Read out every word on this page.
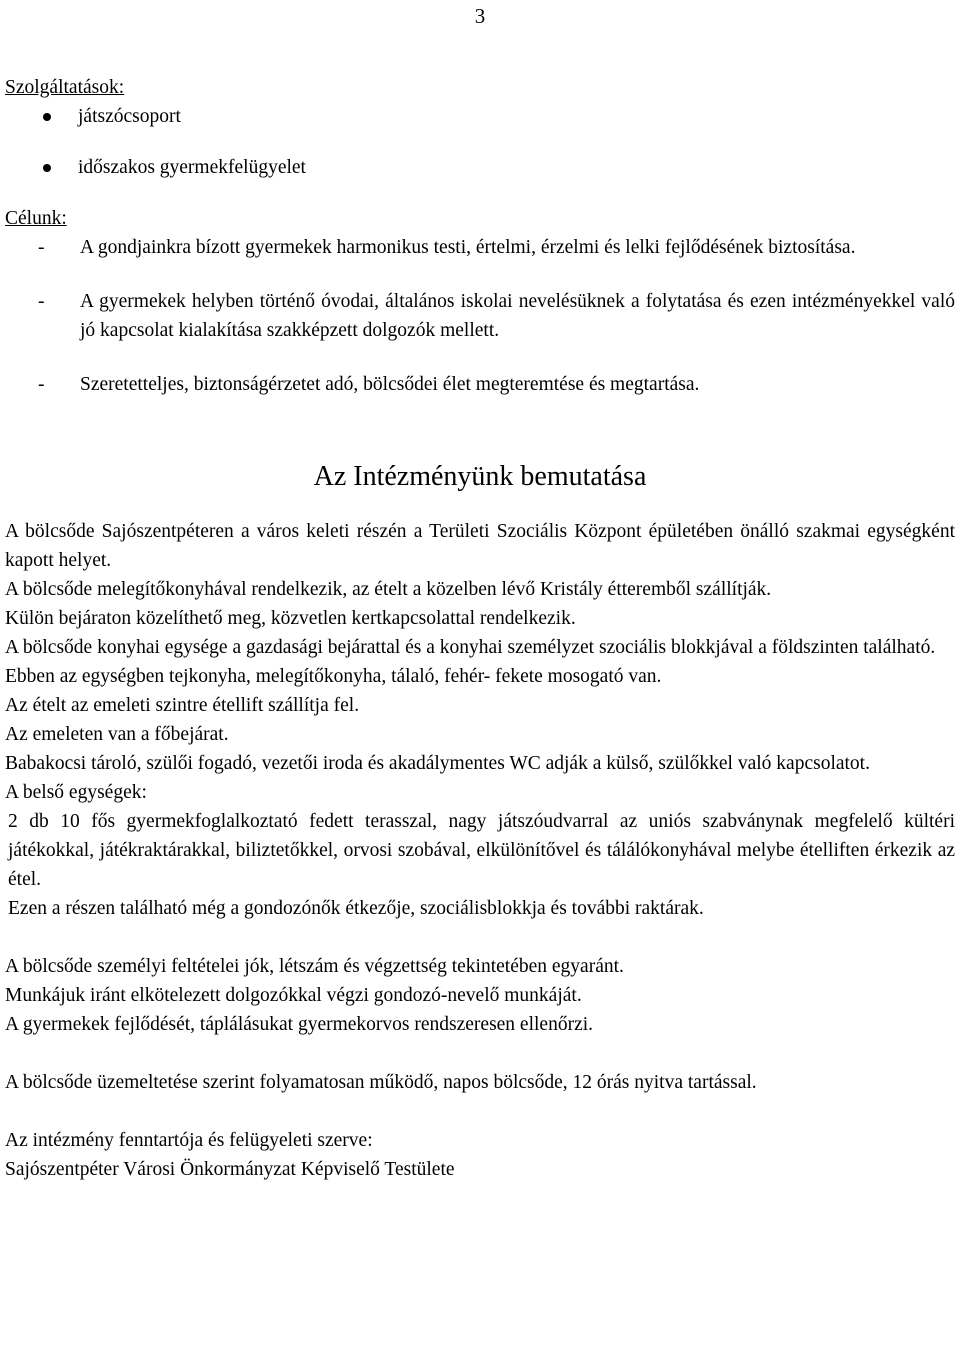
3

Szolgáltatások:

játszócsoport
időszakos gyermekfelügyelet

Célunk:

- A gondjainkra bízott gyermekek harmonikus testi, értelmi, érzelmi és lelki fejlődésének biztosítása.
- A gyermekek helyben történő óvodai, általános iskolai nevelésüknek a folytatása és ezen intézményekkel való jó kapcsolat kialakítása szakképzett dolgozók mellett.
- Szeretetteljes, biztonságérzetet adó, bölcsődei élet megteremtése és megtartása.
Az Intézményünk bemutatása

A bölcsőde Sajószentpéteren a város keleti részén a Területi Szociális Központ épületében önálló szakmai egységként kapott helyet.

A bölcsőde melegítőkonyhával rendelkezik, az ételt a közelben lévő Kristály étteremből szállítják.

Külön bejáraton közelíthető meg, közvetlen kertkapcsolattal rendelkezik.

A bölcsőde konyhai egysége a gazdasági bejárattal és a konyhai személyzet szociális blokkjával a földszinten található.

Ebben az egységben tejkonyha, melegítőkonyha, tálaló, fehér- fekete mosogató van.

Az ételt az emeleti szintre étellift szállítja fel.

Az emeleten van a főbejárat.

Babakocsi tároló, szülői fogadó, vezetői iroda és akadálymentes WC adják a külső, szülőkkel való kapcsolatot.

A belső egységek:

2 db 10 fős gyermekfoglalkoztató fedett terasszal, nagy játszóudvarral az uniós szabványnak megfelelő kültéri játékokkal, játékraktárakkal, biliztetőkkel, orvosi szobával, elkülönítővel és tálálókonyhával melybe ételliften érkezik az étel.

Ezen a részen található még a gondozónők étkezője, szociálisblokkja és további raktárak.

A bölcsőde személyi feltételei jók, létszám és végzettség tekintetében egyaránt.

Munkájuk iránt elkötelezett dolgozókkal végzi gondozó-nevelő munkáját.

A gyermekek fejlődését, táplálásukat gyermekorvos rendszeresen ellenőrzi.

A bölcsőde üzemeltetése szerint folyamatosan működő, napos bölcsőde, 12 órás nyitva tartással.

Az intézmény fenntartója és felügyeleti szerve:

Sajószentpéter Városi Önkormányzat Képviselő Testülete
